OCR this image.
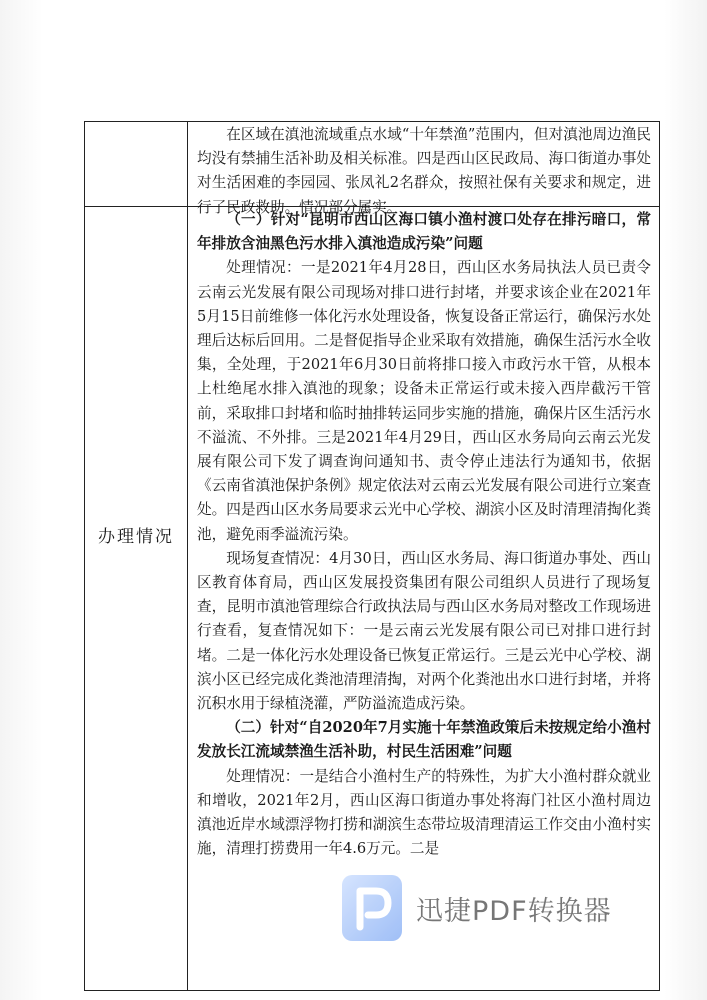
办理情况

在区域在滇池流域重点水域“十年禁渔”范围内，但对滇池周边渔民均没有禁捕生活补助及相关标准。四是西山区民政局、海口街道办事处对生活困难的李园园、张凤礼2名群众，按照社保有关要求和规定，进行了民政救助。情况部分属实。

（一）针对“昆明市西山区海口镇小渔村渡口处存在排污暗口，常年排放含油黑色污水排入滇池造成污染”问题

处理情况：一是2021年4月28日，西山区水务局执法人员已责令云南云光发展有限公司现场对排口进行封堵，并要求该企业在2021年5月15日前维修一体化污水处理设备，恢复设备正常运行，确保污水处理后达标后回用。二是督促指导企业采取有效措施，确保生活污水全收集，全处理，于2021年6月30日前将排口接入市政污水干管，从根本上杜绝尾水排入滇池的现象；设备未正常运行或未接入西岸截污干管前，采取排口封堵和临时抽排转运同步实施的措施，确保片区生活污水不溢流、不外排。三是2021年4月29日，西山区水务局向云南云光发展有限公司下发了调查询问通知书、责令停止违法行为通知书，依据《云南省滇池保护条例》规定依法对云南云光发展有限公司进行立案查处。四是西山区水务局要求云光中心学校、湖滨小区及时清理清掏化粪池，避免雨季溢流污染。

现场复查情况：4月30日，西山区水务局、海口街道办事处、西山区教育体育局，西山区发展投资集团有限公司组织人员进行了现场复查，昆明市滇池管理综合行政执法局与西山区水务局对整改工作现场进行查看，复查情况如下：一是云南云光发展有限公司已对排口进行封堵。二是一体化污水处理设备已恢复正常运行。三是云光中心学校、湖滨小区已经完成化粪池清理清掏，对两个化粪池出水口进行封堵，并将沉积水用于绿植浇灌，严防溢流造成污染。

（二）针对“自2020年7月实施十年禁渔政策后未按规定给小渔村发放长江流域禁渔生活补助，村民生活困难”问题

处理情况：一是结合小渔村生产的特殊性，为扩大小渔村群众就业和增收，2021年2月，西山区海口街道办事处将海门社区小渔村周边滇池近岸水域漂浮物打捞和湖滨生态带垃圾清理清运工作交由小渔村实施，清理打捞费用一年4.6万元。二是

迅捷PDF转换器
